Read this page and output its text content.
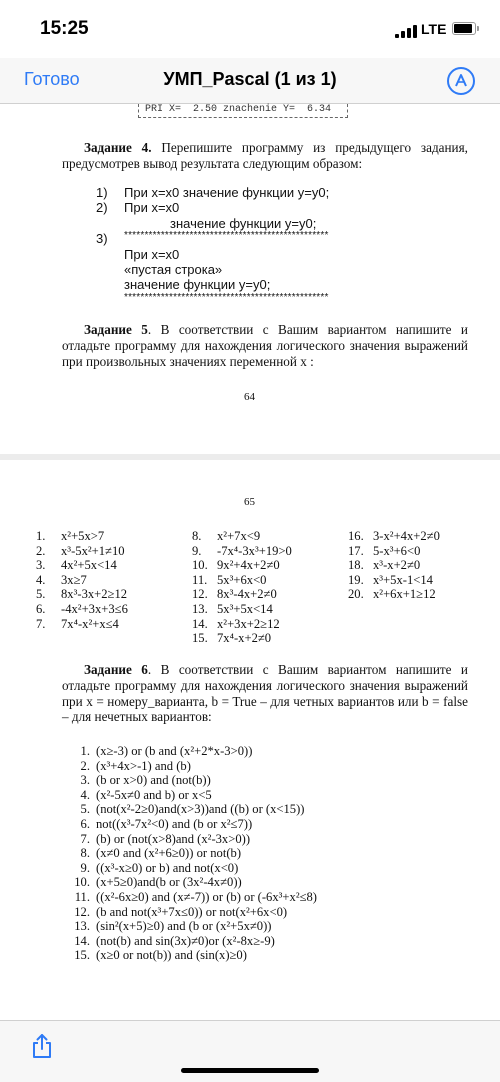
15:25	LTE
Готово	УМП_Pascal (1 из 1)
PRI X=  2.50 znachenie Y=  6.34

Задание 4. Перепишите программу из предыдущего задания, предусмотрев вывод результата следующим образом:

1) При x=x0 значение функции y=y0;
2) При x=x0
значение функции y=y0;
3) **************************************************
При x=x0
«пустая строка»
значение функции y=y0;
**************************************************

Задание 5. В соответствии с Вашим вариантом напишите и отладьте программу для нахождения логического значения выражений при произвольных значениях переменной x :

64
65
1.	x²+5x>7
2.	x³-5x²+1≠10
3.	4x²+5x<14
4.	3x≥7
5.	8x³-3x+2≥12
6.	-4x²+3x+3≤6
7.	7x⁴-x²+x≤4
8.	x²+7x<9
9.	-7x⁴-3x³+19>0
10. 9x²+4x+2≠0
11. 5x³+6x<0
12. 8x³-4x+2≠0
13. 5x³+5x<14
14. x²+3x+2≥12
15. 7x⁴-x+2≠0
16. 3-x²+4x+2≠0
17. 5-x³+6<0
18. x³-x+2≠0
19. x³+5x-1<14
20. x²+6x+1≥12

Задание 6. В соответствии с Вашим вариантом напишите и отладьте программу для нахождения логического значения выражений при x = номеру_варианта, b = True – для четных вариантов или b = false – для нечетных вариантов:

1. (x≥-3) or (b and (x²+2*x-3>0))
2. (x³+4x>-1) and (b)
3. (b or x>0) and (not(b))
4. (x²-5x≠0 and b) or x<5
5. (not(x²-2≥0)and(x>3))and ((b) or (x<15))
6. not((x³-7x²<0) and (b or x²≤7))
7. (b) or (not(x>8)and (x²-3x>0))
8. (x≠0 and (x²+6≥0)) or not(b)
9. ((x³-x≥0) or b) and not(x<0)
10. (x+5≥0)and(b or (3x²-4x≠0))
11. ((x²-6x≥0) and (x≠-7)) or (b) or (-6x³+x²≤8)
12. (b and not(x³+7x≤0)) or not(x²+6x<0)
13. (sin²(x+5)≥0) and (b or (x²+5x≠0))
14. (not(b) and sin(3x)≠0)or (x²-8x≥-9)
15. (x≥0 or not(b)) and (sin(x)≥0)
